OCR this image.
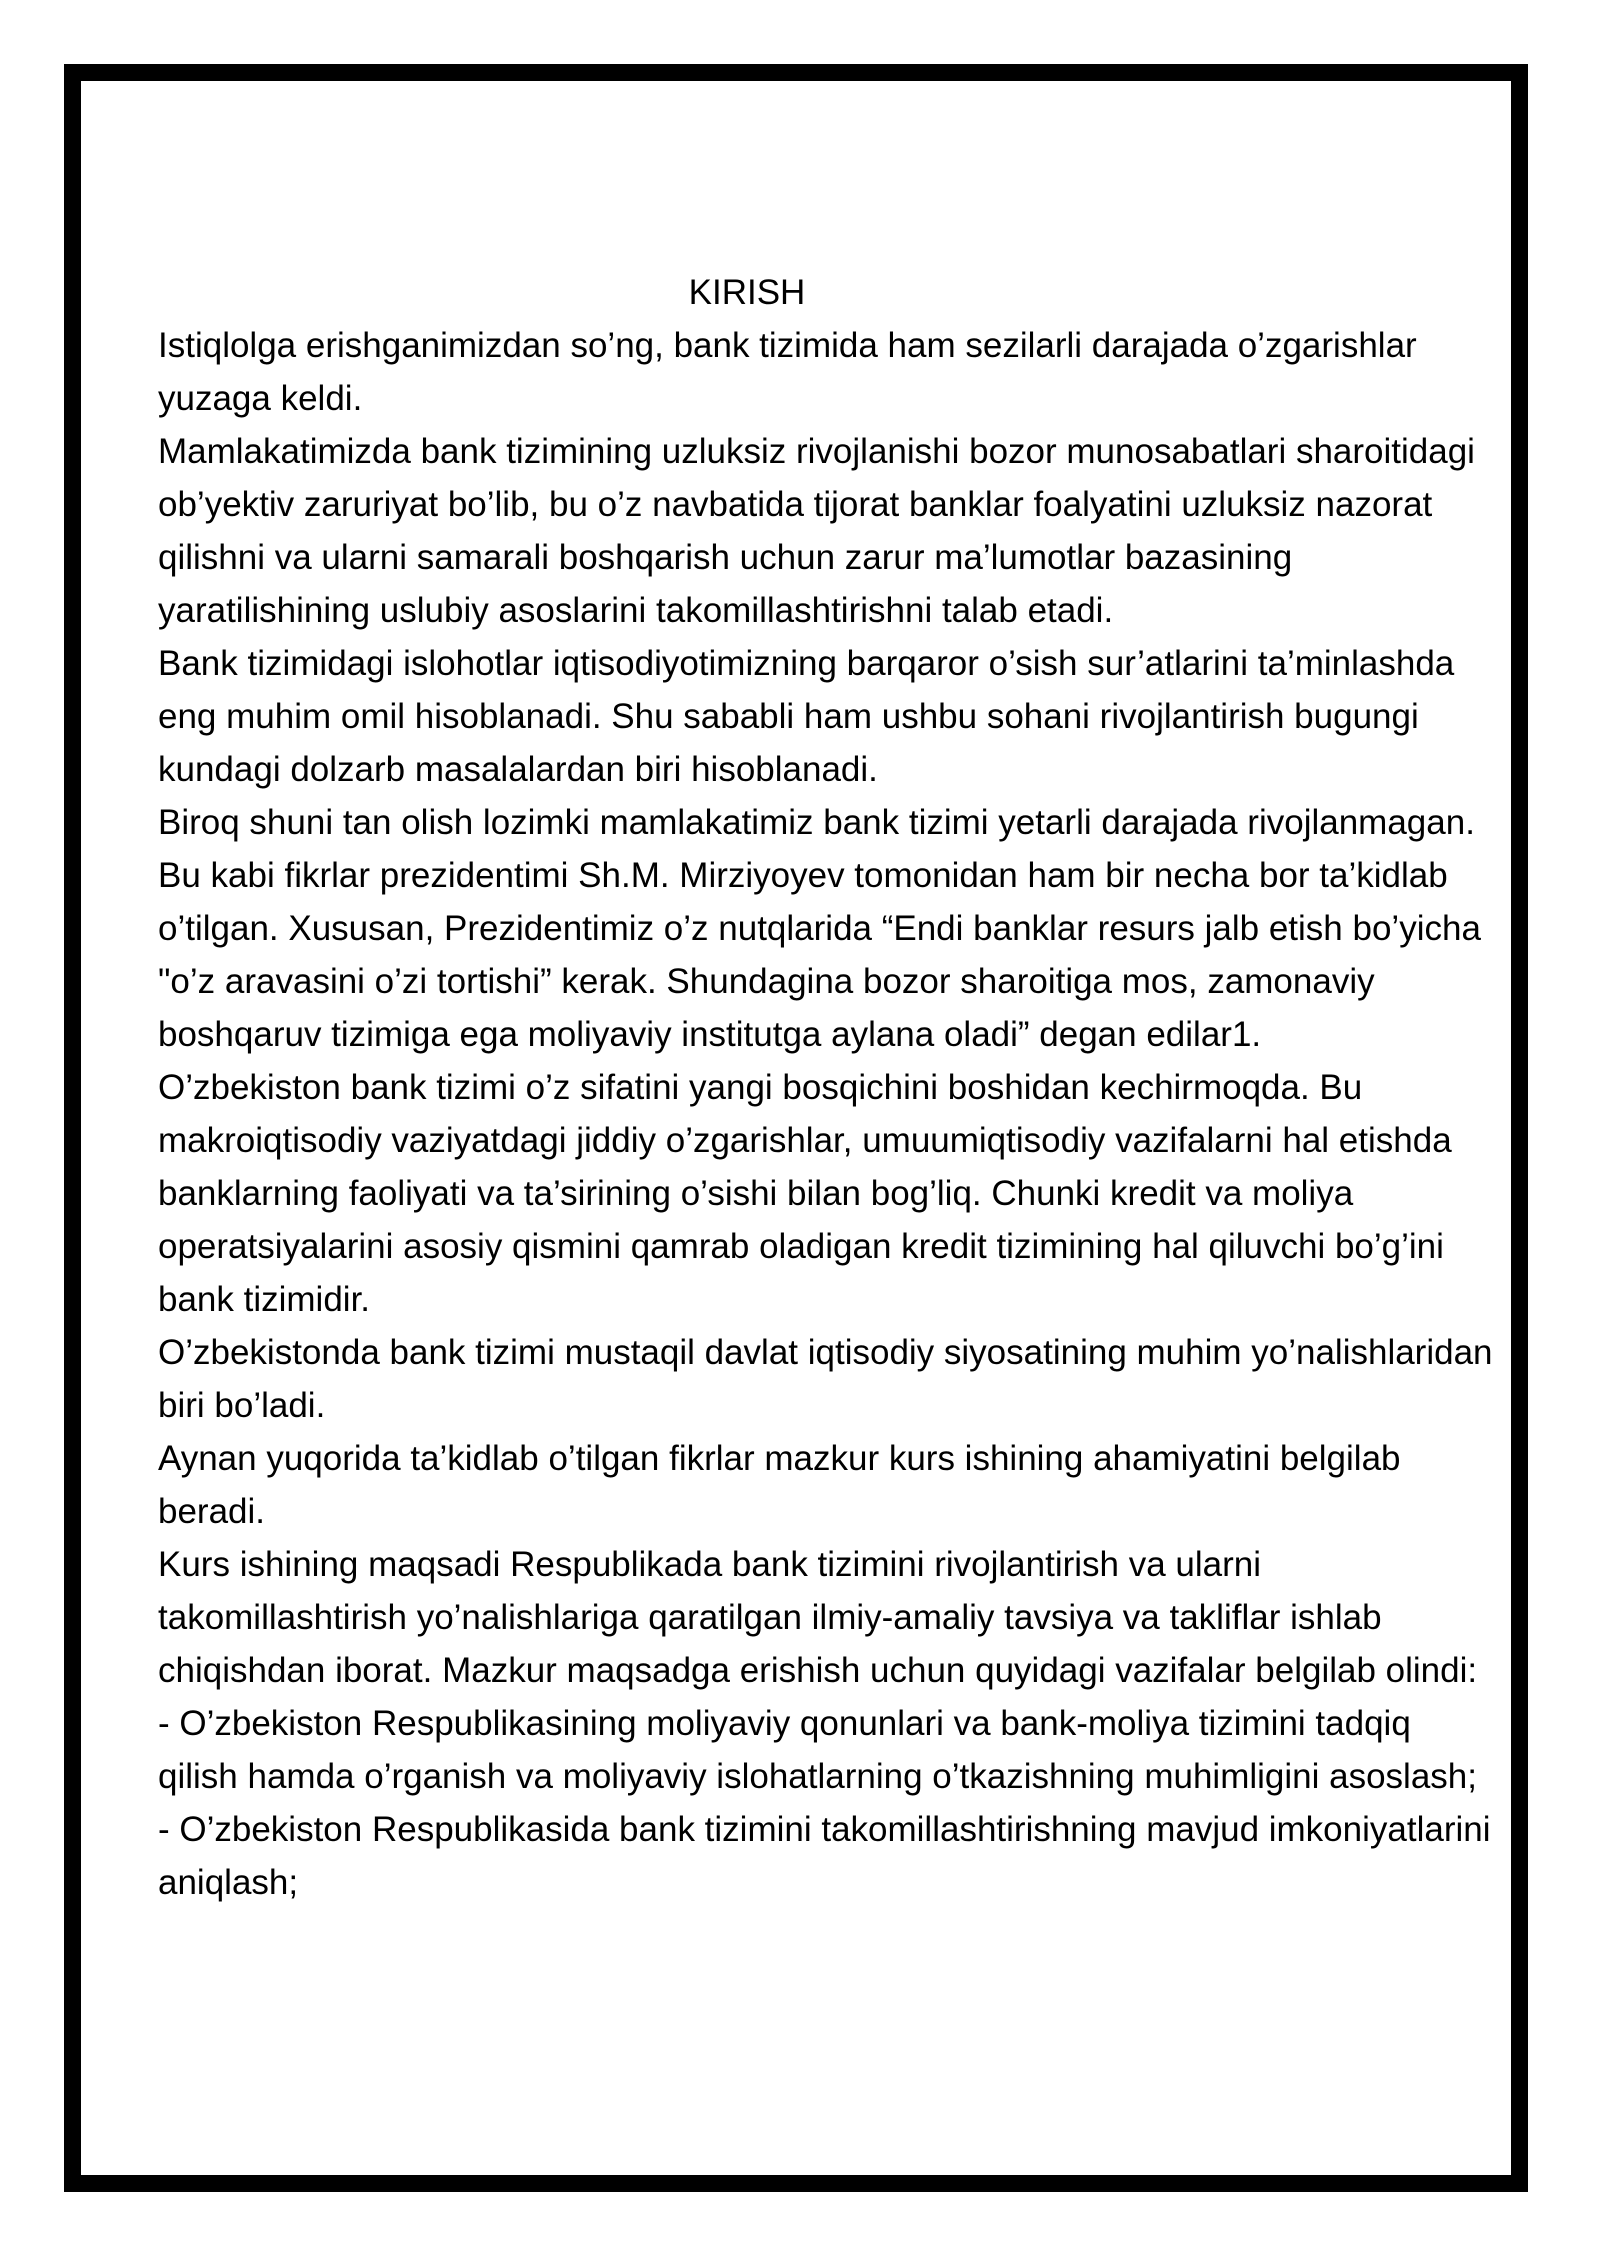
KIRISH

Istiqlolga erishganimizdan so’ng, bank tizimida ham sezilarli darajada o’zgarishlar yuzaga keldi.

Mamlakatimizda bank tizimining uzluksiz rivojlanishi bozor munosabatlari sharoitidagi ob’yektiv zaruriyat bo’lib, bu o’z navbatida tijorat banklar foalyatini uzluksiz nazorat qilishni va ularni samarali boshqarish uchun zarur ma’lumotlar bazasining yaratilishining uslubiy asoslarini takomillashtirishni talab etadi.

Bank tizimidagi islohotlar iqtisodiyotimizning barqaror o’sish sur’atlarini ta’minlashda eng muhim omil hisoblanadi. Shu sababli ham ushbu sohani rivojlantirish bugungi kundagi dolzarb masalalardan biri hisoblanadi.

Biroq shuni tan olish lozimki mamlakatimiz bank tizimi yetarli darajada rivojlanmagan. Bu kabi fikrlar prezidentimi Sh.M. Mirziyoyev tomonidan ham bir necha bor ta’kidlab o’tilgan. Xususan, Prezidentimiz o’z nutqlarida “Endi banklar resurs jalb etish bo’yicha "o’z aravasini o’zi tortishi” kerak. Shundagina bozor sharoitiga mos, zamonaviy boshqaruv tizimiga ega moliyaviy institutga aylana oladi” degan edilar1.

O’zbekiston bank tizimi o’z sifatini yangi bosqichini boshidan kechirmoqda. Bu makroiqtisodiy vaziyatdagi jiddiy o’zgarishlar, umuumiqtisodiy vazifalarni hal etishda banklarning faoliyati va ta’sirining o’sishi bilan bog’liq. Chunki kredit va moliya operatsiyalarini asosiy qismini qamrab oladigan kredit tizimining hal qiluvchi bo’g’ini bank tizimidir.

O’zbekistonda bank tizimi mustaqil davlat iqtisodiy siyosatining muhim yo’nalishlaridan biri bo’ladi.

Aynan yuqorida ta’kidlab o’tilgan fikrlar mazkur kurs ishining ahamiyatini belgilab beradi.

Kurs ishining maqsadi Respublikada bank tizimini rivojlantirish va ularni takomillashtirish yo’nalishlariga qaratilgan ilmiy-amaliy tavsiya va takliflar ishlab chiqishdan iborat. Mazkur maqsadga erishish uchun quyidagi vazifalar belgilab olindi:

- O’zbekiston Respublikasining moliyaviy qonunlari va bank-moliya tizimini tadqiq qilish hamda o’rganish va moliyaviy islohatlarning o’tkazishning muhimligini asoslash;

- O’zbekiston Respublikasida bank tizimini takomillashtirishning mavjud imkoniyatlarini aniqlash;
